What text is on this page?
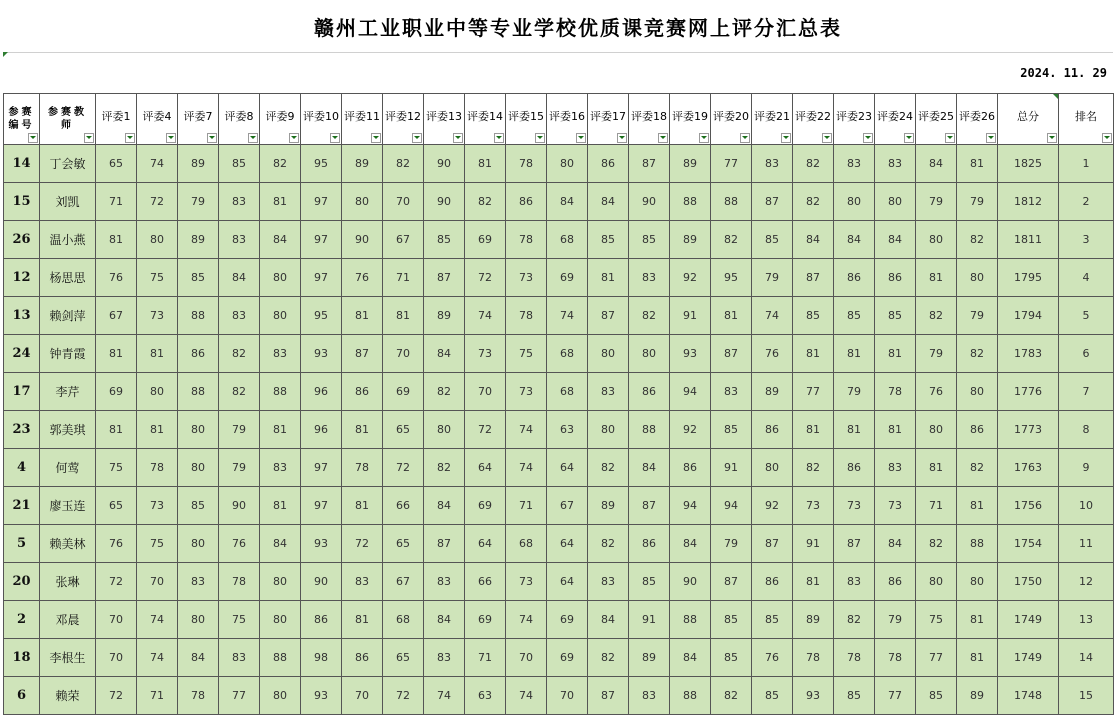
赣州工业职业中等专业学校优质课竞赛网上评分汇总表
2024. 11. 29
参赛编号	参赛教师	评委1	评委4	评委7	评委8	评委9	评委10	评委11	评委12	评委13	评委14	评委15	评委16	评委17	评委18	评委19	评委20	评委21	评委22	评委23	评委24	评委25	评委26	总分	排名

14	丁会敏	65	74	89	85	82	95	89	82	90	81	78	80	86	87	89	77	83	82	83	83	84	81	1825	1
15	刘凯	71	72	79	83	81	97	80	70	90	82	86	84	84	90	88	88	87	82	80	80	79	79	1812	2
26	温小燕	81	80	89	83	84	97	90	67	85	69	78	68	85	85	89	82	85	84	84	84	80	82	1811	3
12	杨思思	76	75	85	84	80	97	76	71	87	72	73	69	81	83	92	95	79	87	86	86	81	80	1795	4
13	赖剑萍	67	73	88	83	80	95	81	81	89	74	78	74	87	82	91	81	74	85	85	85	82	79	1794	5
24	钟青霞	81	81	86	82	83	93	87	70	84	73	75	68	80	80	93	87	76	81	81	81	79	82	1783	6
17	李芹	69	80	88	82	88	96	86	69	82	70	73	68	83	86	94	83	89	77	79	78	76	80	1776	7
23	郭美琪	81	81	80	79	81	96	81	65	80	72	74	63	80	88	92	85	86	81	81	81	80	86	1773	8
4	何莺	75	78	80	79	83	97	78	72	82	64	74	64	82	84	86	91	80	82	86	83	81	82	1763	9
21	廖玉连	65	73	85	90	81	97	81	66	84	69	71	67	89	87	94	94	92	73	73	73	71	81	1756	10
5	赖美林	76	75	80	76	84	93	72	65	87	64	68	64	82	86	84	79	87	91	87	84	82	88	1754	11
20	张琳	72	70	83	78	80	90	83	67	83	66	73	64	83	85	90	87	86	81	83	86	80	80	1750	12
2	邓晨	70	74	80	75	80	86	81	68	84	69	74	69	84	91	88	85	85	89	82	79	75	81	1749	13
18	李根生	70	74	84	83	88	98	86	65	83	71	70	69	82	89	84	85	76	78	78	78	77	81	1749	14
6	赖荣	72	71	78	77	80	93	70	72	74	63	74	70	87	83	88	82	85	93	85	77	85	89	1748	15
